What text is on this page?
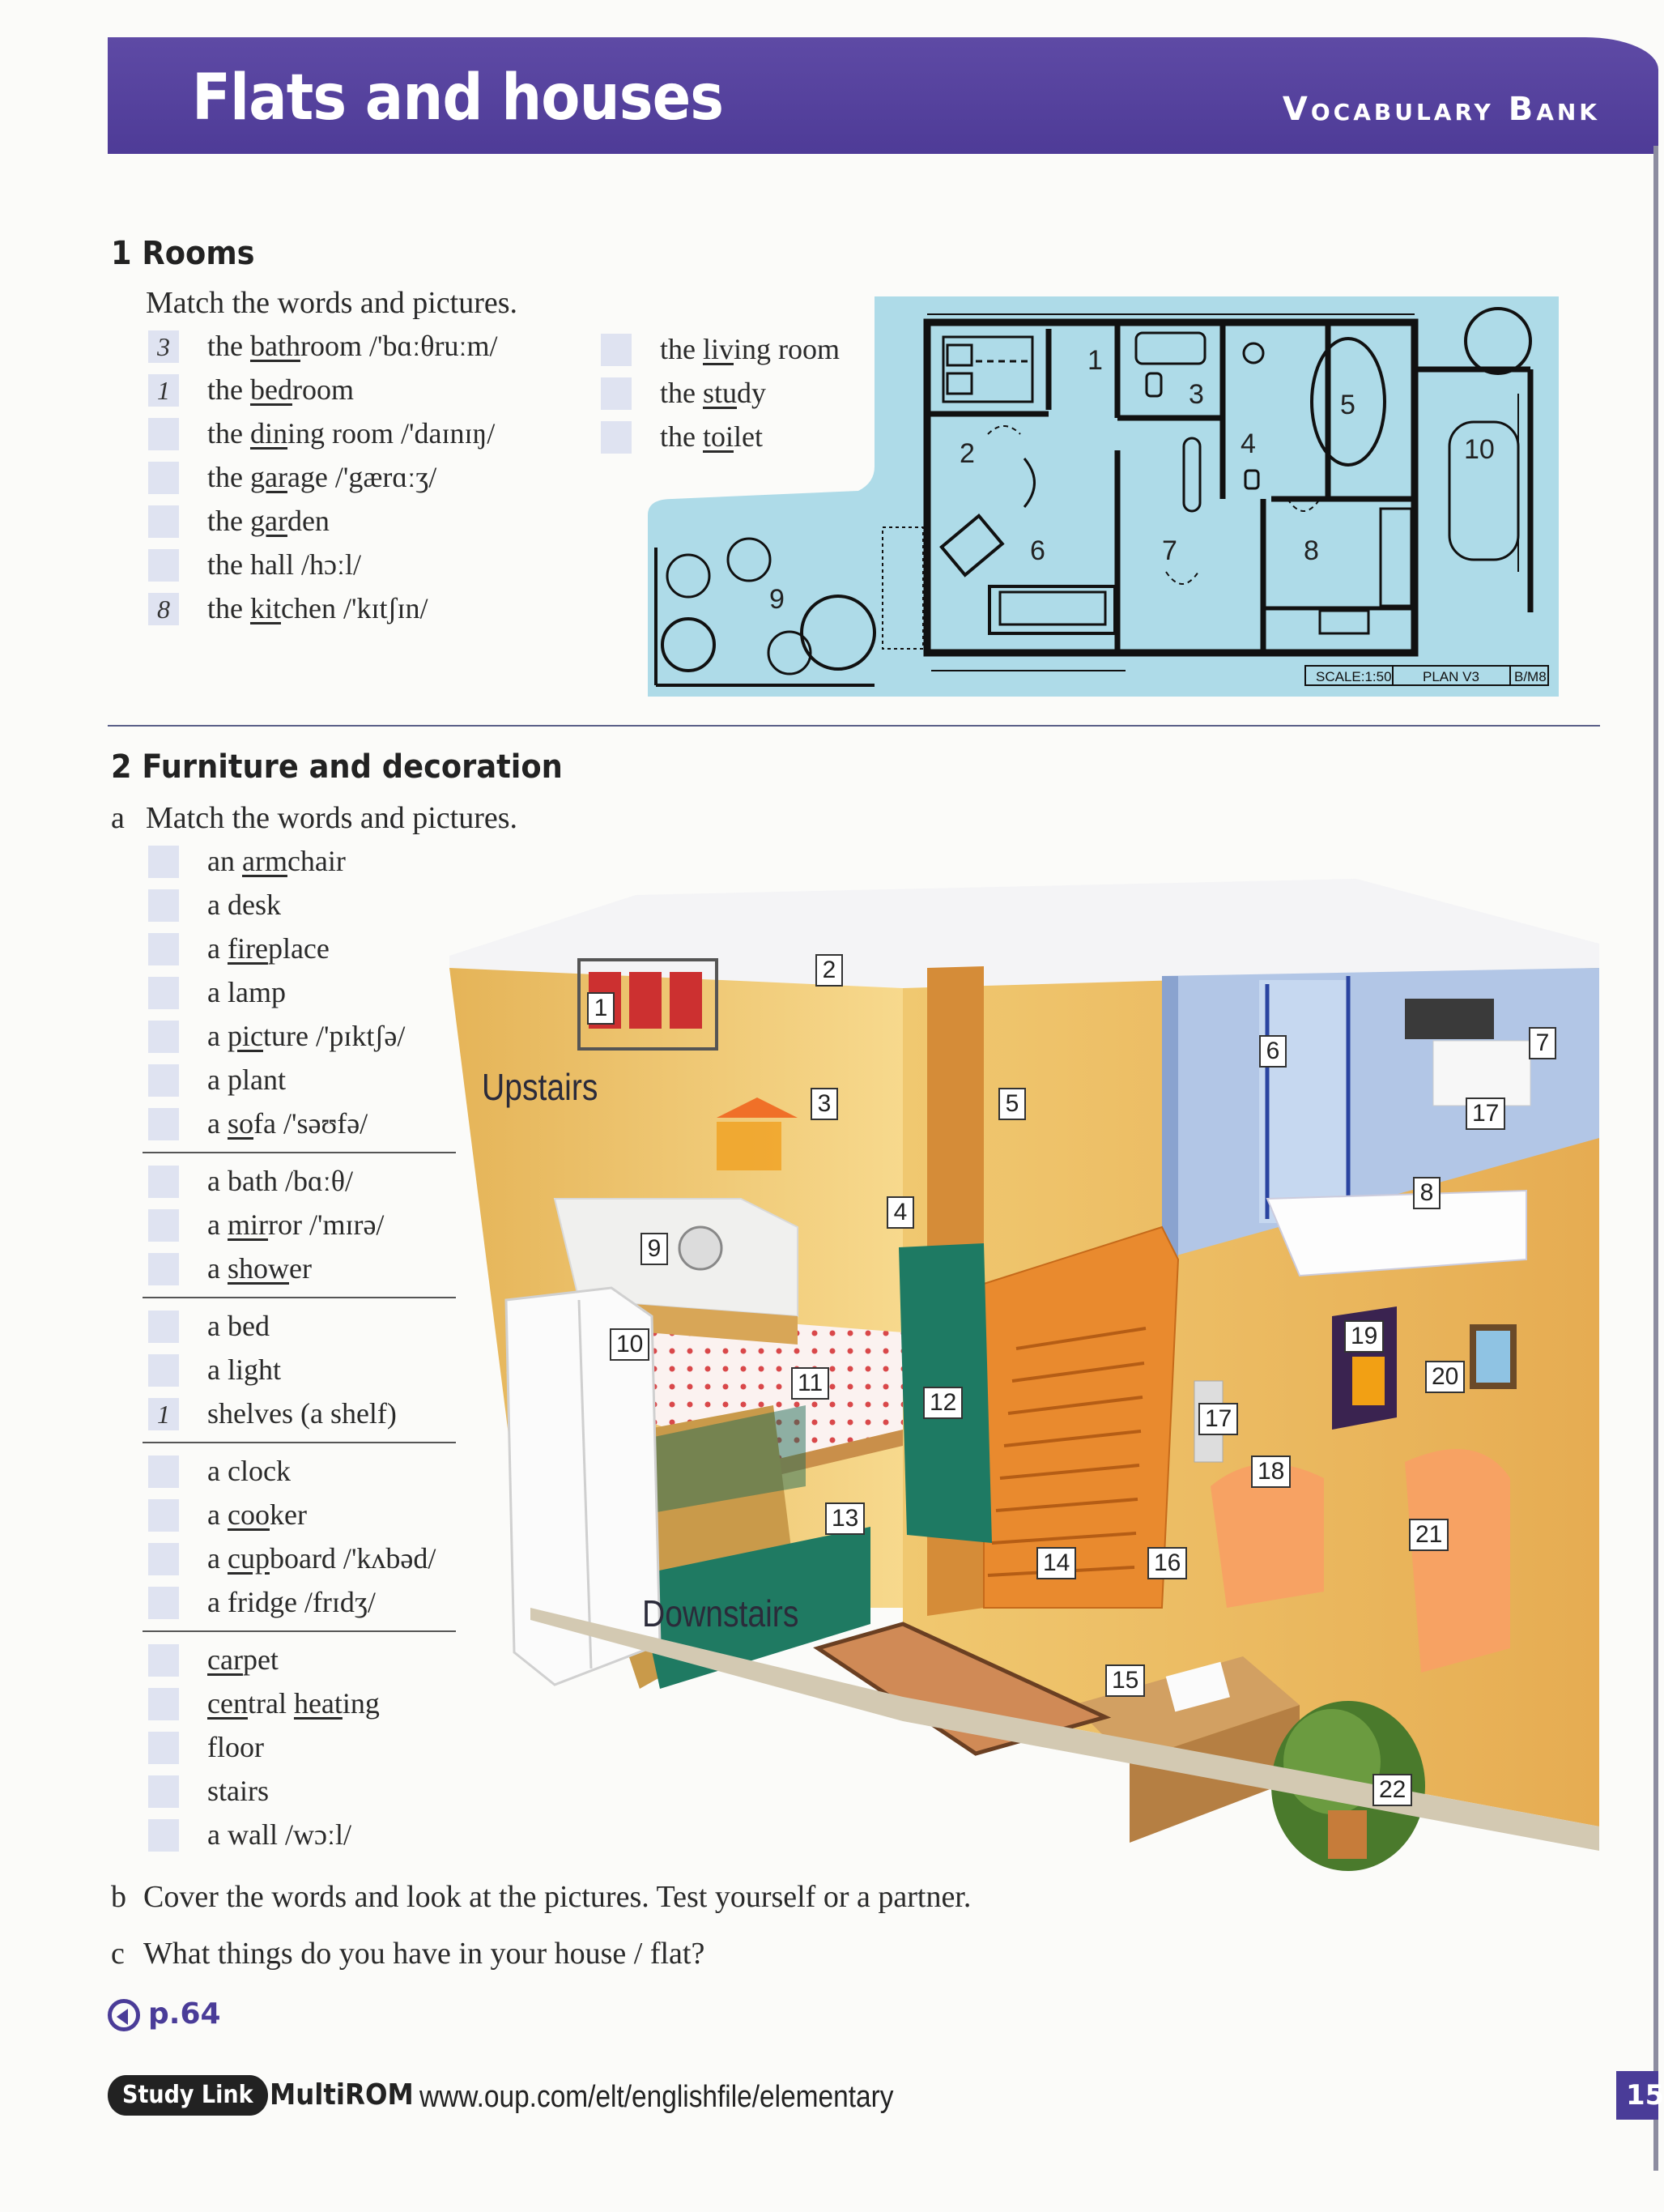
Flats and houses	Vocabulary Bank
1 Rooms
Match the words and pictures.
3	the bathroom /'bɑːθruːm/
1	the bedroom
the dining room /'daɪnɪŋ/
the garage /'gærɑːʒ/
the garden
the hall /hɔːl/
8	the kitchen /'kɪtʃɪn/
the living room
the study
the toilet
1
2
3
4
5
6	7	8
9
10
SCALE:1:50 PLAN V3	B/M8
2 Furniture and decoration
a Match the words and pictures.
an armchair
a desk
a fireplace
a lamp
a picture /'pɪktʃə/
a plant
a sofa /'səʊfə/
a bath /bɑːθ/
a mirror /'mɪrə/
a shower
a bed
a light
1	shelves (a shelf)
a clock
a cooker
a cupboard /'kʌbəd/
a fridge /frɪdʒ/
carpet
central heating
floor
stairs
a wall /wɔːl/
Upstairs
Downstairs
1
2
3
4
5
6	7
17
8
9
10
11
12
13
14	16
15
17
18
19
20
21
22
b Cover the words and look at the pictures. Test yourself or a partner.
c What things do you have in your house / flat?
p.64
Study Link MultiROM www.oup.com/elt/englishfile/elementary	15
